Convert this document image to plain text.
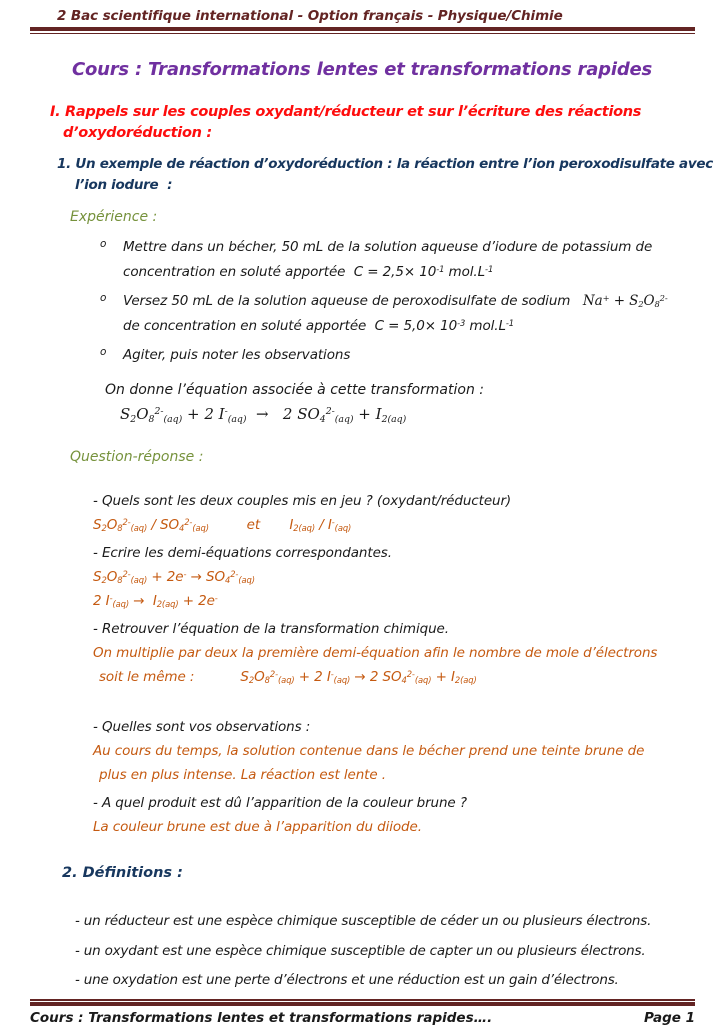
2 Bac scientifique international - Option français - Physique/Chimie
Cours : Transformations lentes et transformations rapides
I. Rappels sur les couples oxydant/réducteur et sur l’écriture des réactions
d’oxydoréduction :
1. Un exemple de réaction d’oxydoréduction : la réaction entre l’ion peroxodisulfate avec
l’ion iodure  :
Expérience :
o	Mettre dans un bécher, 50 mL de la solution aqueuse d’iodure de potassium de
concentration en soluté apportée  $C = 2,5\times 10^{-1}$ $mol.L^{-1}$
o	Versez 50 mL de la solution aqueuse de peroxodisulfate de sodium $Na^+ + S_2O_8^{2-}$
de concentration en soluté apportée  $C = 5,0\times 10^{-3}$ $mol.L^{-1}$
o	Agiter, puis noter les observations
On donne l’équation associée à cette transformation :
$S_2O_8^{2-}_{(aq)} + 2$ $I^-_{(aq)} \to 2$ $SO_4^{2-}_{(aq)} + I_{2(aq)}$
Question-réponse :
- Quels sont les deux couples mis en jeu ? (oxydant/réducteur)
$S_2O_8^{2-}_{(aq)} / SO_4^{2-}_{(aq)}$         et       $I_{2(aq)} / I^-_{(aq)}$
- Ecrire les demi-équations correspondantes.
$S_2O_8^{2-}_{(aq)} + 2e^- \to SO_4^{2-}_{(aq)}$
2 $I^-_{(aq)} \to I_{2(aq)} + 2e^-$
- Retrouver l’équation de la transformation chimique.
On multiplie par deux la première demi-équation afin le nombre de mole d’électrons
soit le même :           $S_2O_8^{2-}_{(aq)} + 2$ $I^-_{(aq)} \to 2$ $SO_4^{2-}_{(aq)} + I_{2(aq)}$
- Quelles sont vos observations :
Au cours du temps, la solution contenue dans le bécher prend une teinte brune de
plus en plus intense. La réaction est lente .
- A quel produit est dû l’apparition de la couleur brune ?
La couleur brune est due à l’apparition du diiode.
2. Définitions :
- un réducteur est une espèce chimique susceptible de céder un ou plusieurs électrons.
- un oxydant est une espèce chimique susceptible de capter un ou plusieurs électrons.
- une oxydation est une perte d’électrons et une réduction est un gain d’électrons.
Cours : Transformations lentes et transformations rapides….	Page 1
